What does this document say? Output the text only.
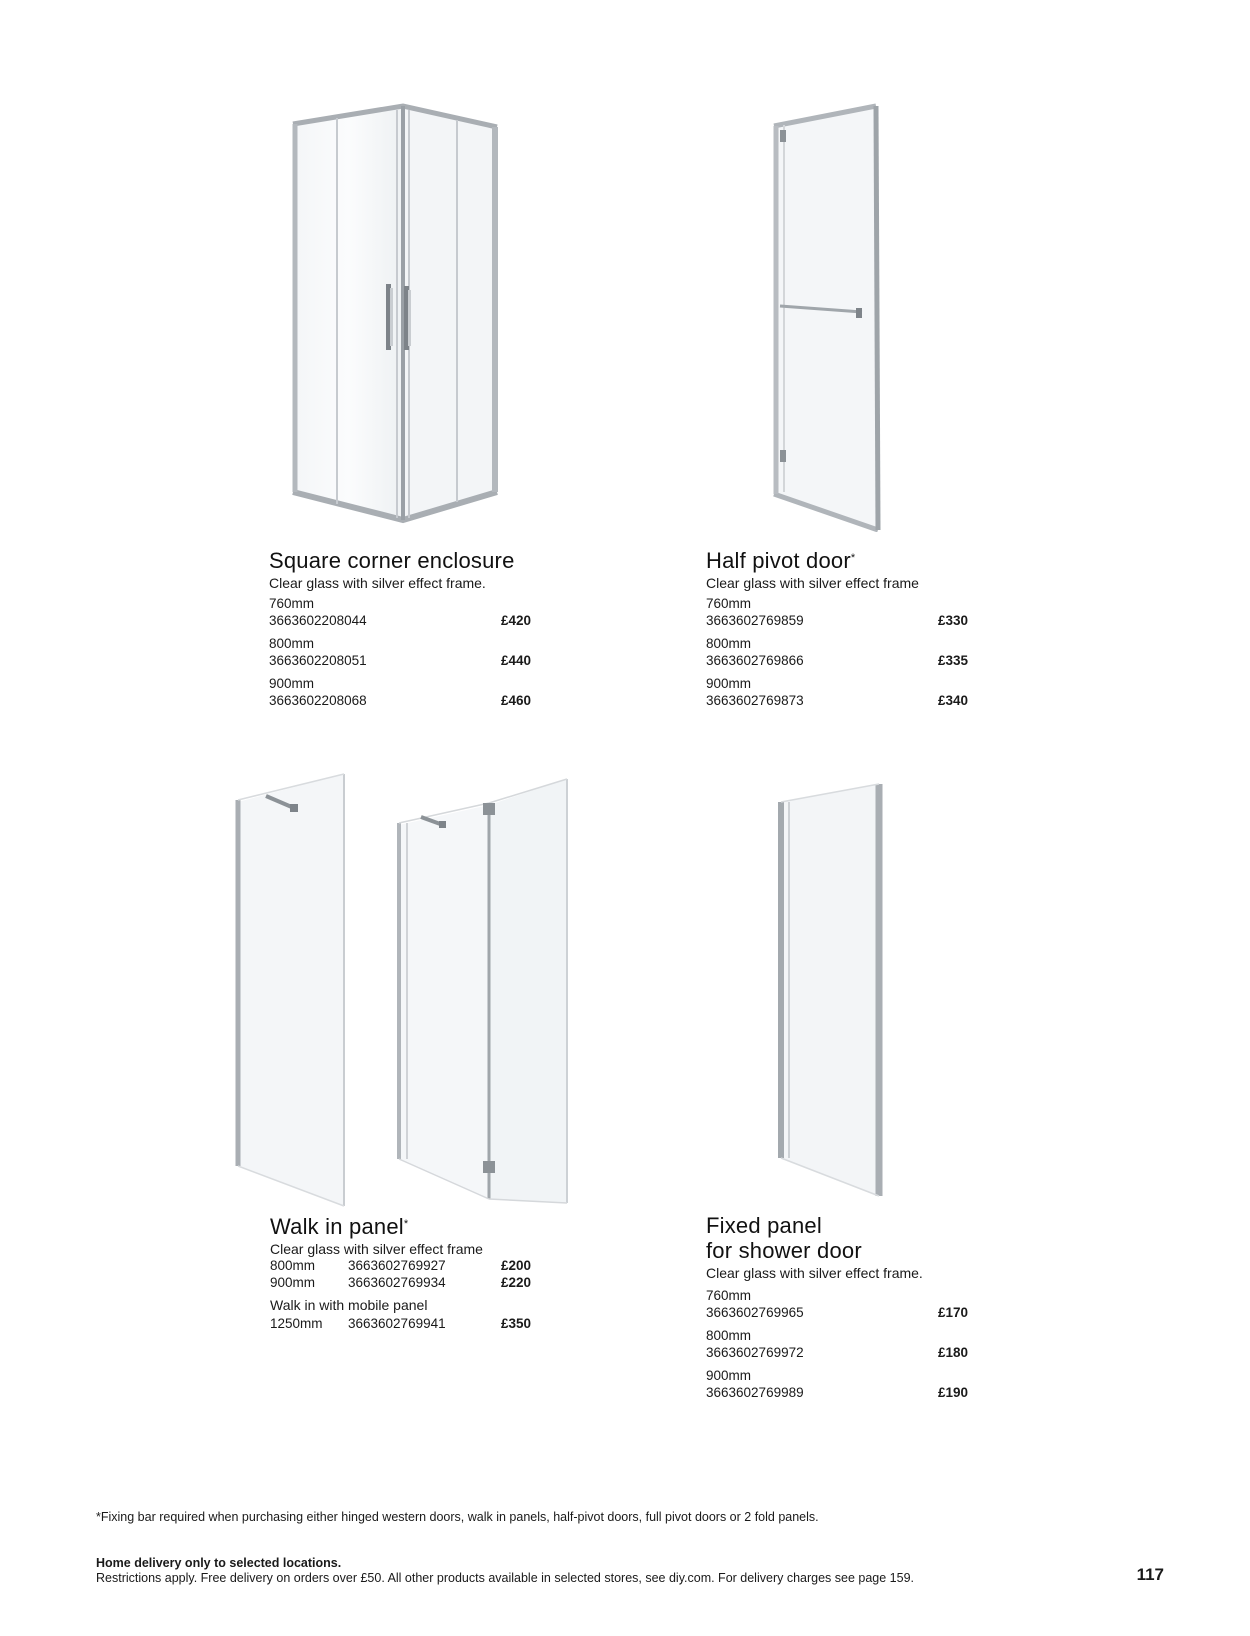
Square corner enclosure
Clear glass with silver effect frame.
760mm
3663602208044	£420
800mm
3663602208051	£440
900mm
3663602208068	£460
Half pivot door*
Clear glass with silver effect frame
760mm
3663602769859	£330
800mm
3663602769866	£335
900mm
3663602769873	£340
Walk in panel*
Clear glass with silver effect frame
800mm 3663602769927	£200
900mm 3663602769934	£220
Walk in with mobile panel
1250mm 3663602769941	£350
Fixed panel
for shower door
Clear glass with silver effect frame.
760mm
3663602769965	£170
800mm
3663602769972	£180
900mm
3663602769989	£190
*Fixing bar required when purchasing either hinged western doors, walk in panels, half-pivot doors, full pivot doors or 2 fold panels.
Home delivery only to selected locations.
Restrictions apply. Free delivery on orders over £50. All other products available in selected stores, see diy.com. For delivery charges see page 159.	117
